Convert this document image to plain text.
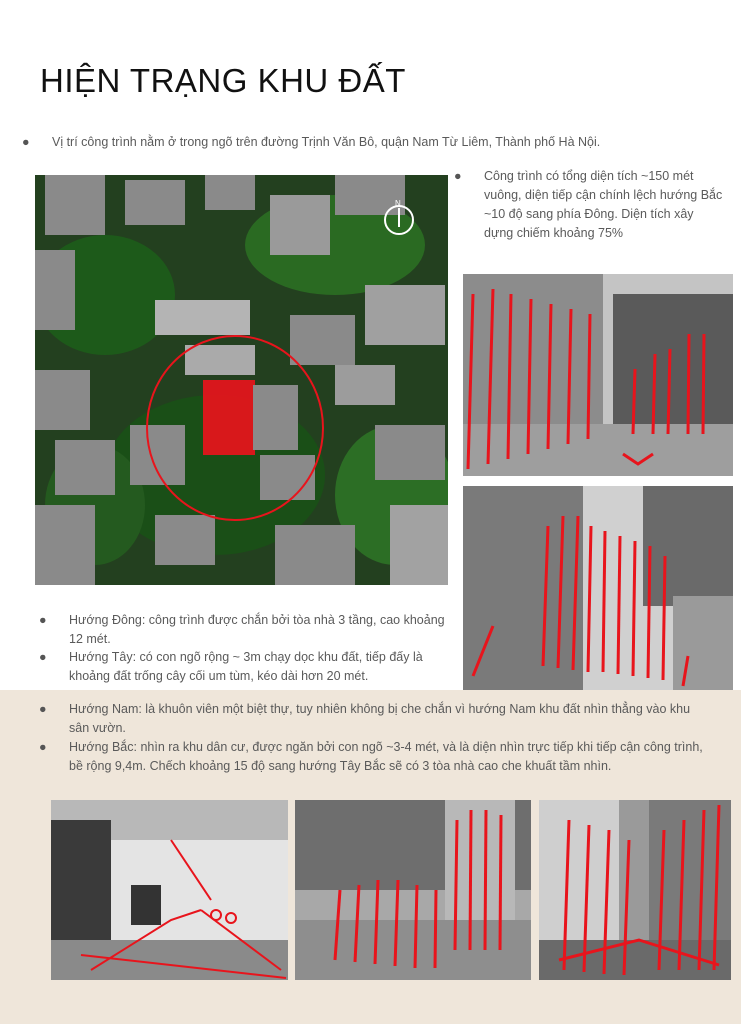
HIỆN TRẠNG KHU ĐẤT
● Vị trí công trình nằm ở trong ngõ trên đường Trịnh Văn Bô, quận Nam Từ Liêm, Thành phố Hà Nội.
N
● Công trình có tổng diện tích ~150 mét vuông, diện tiếp cận chính lệch hướng Bắc ~10 độ sang phía Đông. Diện tích xây dựng chiếm khoảng 75%
● Hướng Đông: công trình được chắn bởi tòa nhà 3 tầng, cao khoảng 12 mét.
● Hướng Tây: có con ngõ rộng ~ 3m chạy dọc khu đất, tiếp đấy là khoảng đất trống cây cối um tùm, kéo dài hơn 20 mét.
● Hướng Nam: là khuôn viên một biệt thự, tuy nhiên không bị che chắn vì hướng Nam khu đất nhìn thẳng vào khu sân vườn.
● Hướng Bắc: nhìn ra khu dân cư, được ngăn bởi con ngõ ~3-4 mét, và là diện nhìn trực tiếp khi tiếp cận công trình, bề rộng 9,4m. Chếch khoảng 15 độ sang hướng Tây Bắc sẽ có 3 tòa nhà cao che khuất tầm nhìn.
